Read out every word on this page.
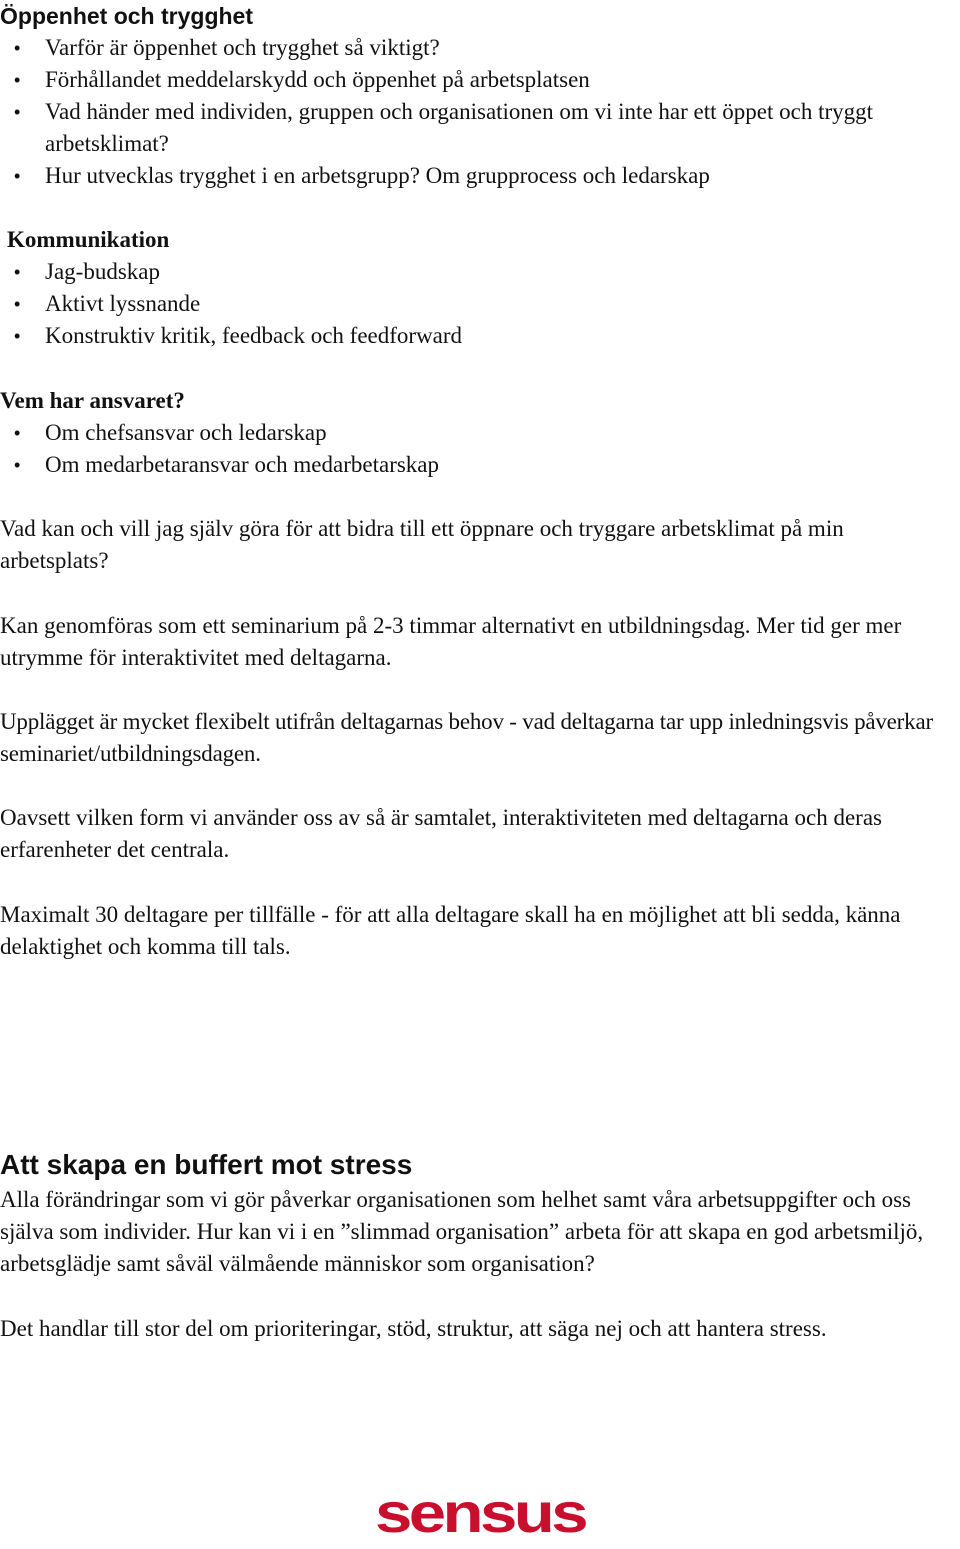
Öppenhet och trygghet
• Varför är öppenhet och trygghet så viktigt?
• Förhållandet meddelarskydd och öppenhet på arbetsplatsen
• Vad händer med individen, gruppen och organisationen om vi inte har ett öppet och tryggt arbetsklimat?
• Hur utvecklas trygghet i en arbetsgrupp? Om grupprocess och ledarskap
Kommunikation
• Jag-budskap
• Aktivt lyssnande
• Konstruktiv kritik, feedback och feedforward
Vem har ansvaret?
• Om chefsansvar och ledarskap
• Om medarbetaransvar och medarbetarskap

Vad kan och vill jag själv göra för att bidra till ett öppnare och tryggare arbetsklimat på min arbetsplats?

Kan genomföras som ett seminarium på 2-3 timmar alternativt en utbildningsdag. Mer tid ger mer utrymme för interaktivitet med deltagarna.

Upplägget är mycket flexibelt utifrån deltagarnas behov - vad deltagarna tar upp inledningsvis påverkar seminariet/utbildningsdagen.

Oavsett vilken form vi använder oss av så är samtalet, interaktiviteten med deltagarna och deras erfarenheter det centrala.

Maximalt 30 deltagare per tillfälle - för att alla deltagare skall ha en möjlighet att bli sedda, känna delaktighet och komma till tals.

Att skapa en buffert mot stress

Alla förändringar som vi gör påverkar organisationen som helhet samt våra arbetsuppgifter och oss själva som individer. Hur kan vi i en ”slimmad organisation” arbeta för att skapa en god arbetsmiljö, arbetsglädje samt såväl välmående människor som organisation?

Det handlar till stor del om prioriteringar, stöd, struktur, att säga nej och att hantera stress.

sensus
